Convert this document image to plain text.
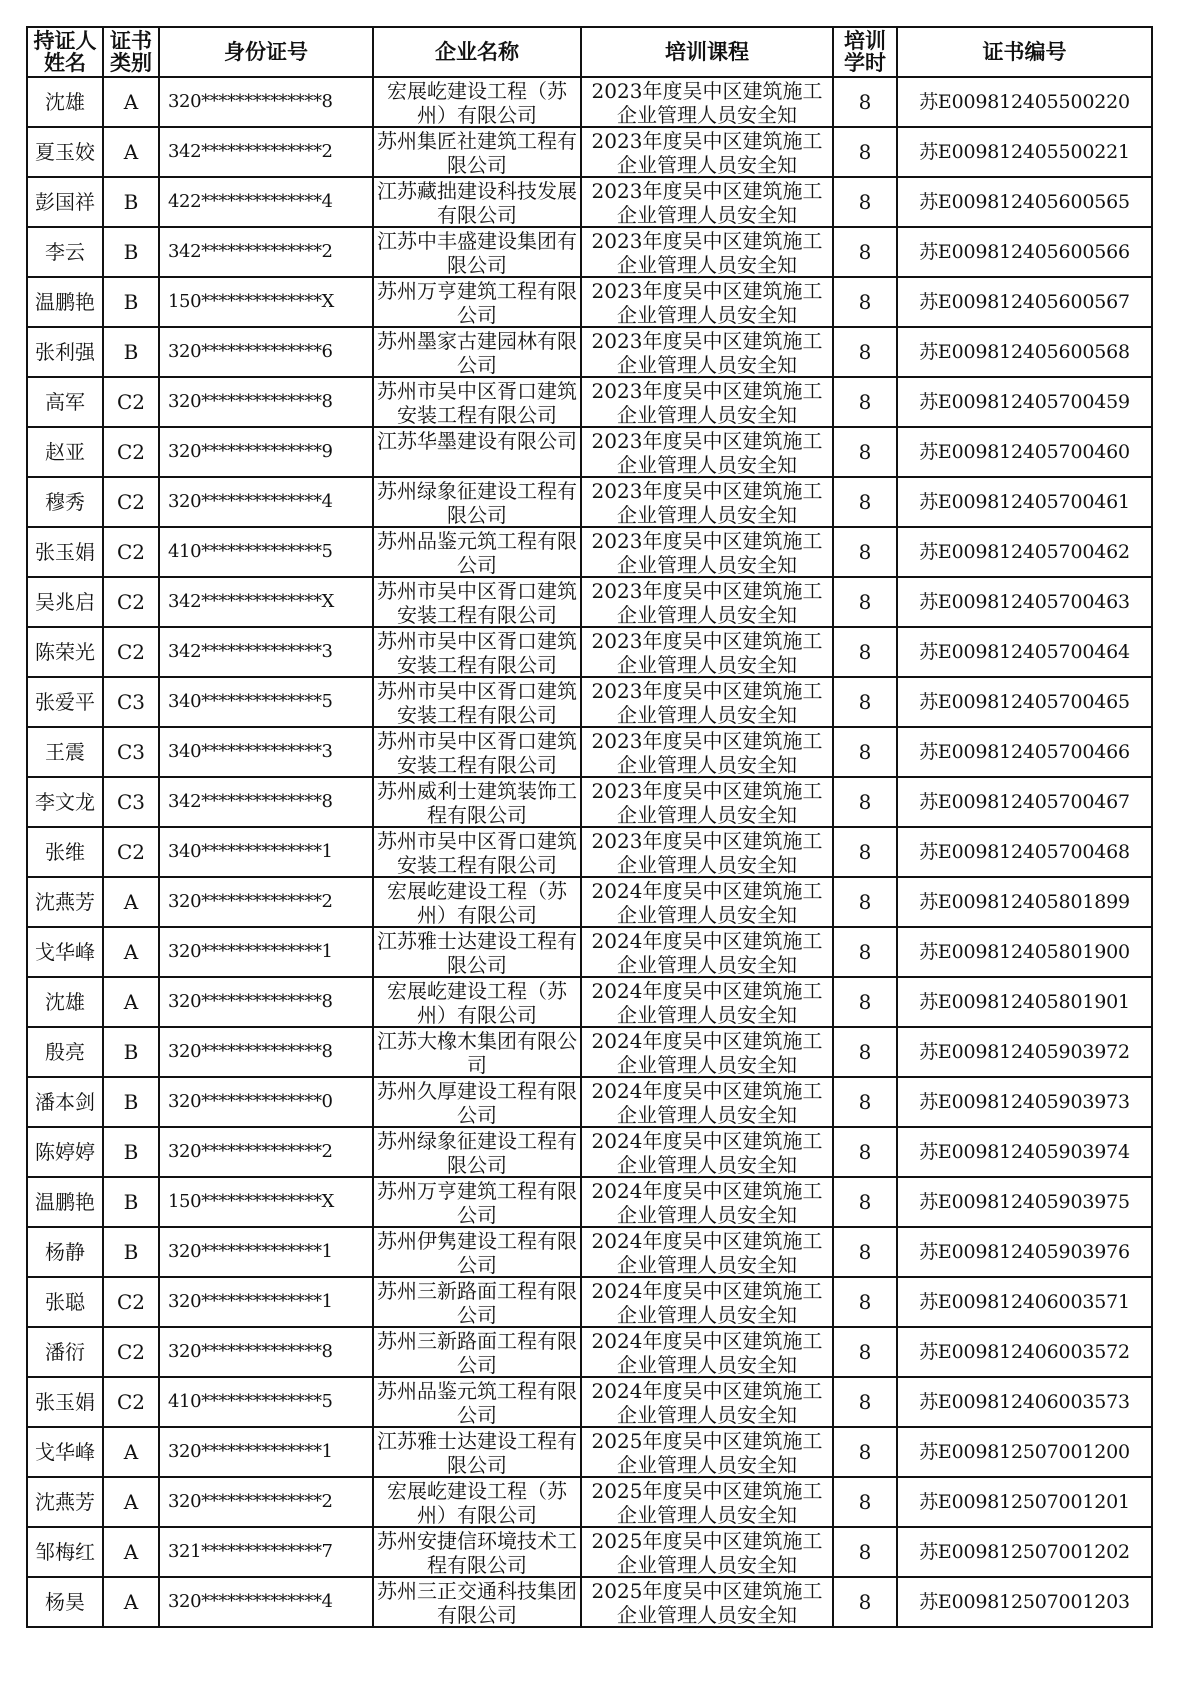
持证人姓名	证书类别	身份证号	企业名称	培训课程	培训学时	证书编号
沈雄	A	320**************8	宏展屹建设工程（苏州）有限公司	2023年度吴中区建筑施工企业管理人员安全知	8	苏E009812405500220
夏玉姣	A	342**************2	苏州集匠社建筑工程有限公司	2023年度吴中区建筑施工企业管理人员安全知	8	苏E009812405500221
彭国祥	B	422**************4	江苏藏拙建设科技发展有限公司	2023年度吴中区建筑施工企业管理人员安全知	8	苏E009812405600565
李云	B	342**************2	江苏中丰盛建设集团有限公司	2023年度吴中区建筑施工企业管理人员安全知	8	苏E009812405600566
温鹏艳	B	150**************X	苏州万亨建筑工程有限公司	2023年度吴中区建筑施工企业管理人员安全知	8	苏E009812405600567
张利强	B	320**************6	苏州墨家古建园林有限公司	2023年度吴中区建筑施工企业管理人员安全知	8	苏E009812405600568
高军	C2	320**************8	苏州市吴中区胥口建筑安装工程有限公司	2023年度吴中区建筑施工企业管理人员安全知	8	苏E009812405700459
赵亚	C2	320**************9	江苏华墨建设有限公司	2023年度吴中区建筑施工企业管理人员安全知	8	苏E009812405700460
穆秀	C2	320**************4	苏州绿象征建设工程有限公司	2023年度吴中区建筑施工企业管理人员安全知	8	苏E009812405700461
张玉娟	C2	410**************5	苏州品鉴元筑工程有限公司	2023年度吴中区建筑施工企业管理人员安全知	8	苏E009812405700462
吴兆启	C2	342**************X	苏州市吴中区胥口建筑安装工程有限公司	2023年度吴中区建筑施工企业管理人员安全知	8	苏E009812405700463
陈荣光	C2	342**************3	苏州市吴中区胥口建筑安装工程有限公司	2023年度吴中区建筑施工企业管理人员安全知	8	苏E009812405700464
张爱平	C3	340**************5	苏州市吴中区胥口建筑安装工程有限公司	2023年度吴中区建筑施工企业管理人员安全知	8	苏E009812405700465
王震	C3	340**************3	苏州市吴中区胥口建筑安装工程有限公司	2023年度吴中区建筑施工企业管理人员安全知	8	苏E009812405700466
李文龙	C3	342**************8	苏州威利士建筑装饰工程有限公司	2023年度吴中区建筑施工企业管理人员安全知	8	苏E009812405700467
张维	C2	340**************1	苏州市吴中区胥口建筑安装工程有限公司	2023年度吴中区建筑施工企业管理人员安全知	8	苏E009812405700468
沈燕芳	A	320**************2	宏展屹建设工程（苏州）有限公司	2024年度吴中区建筑施工企业管理人员安全知	8	苏E009812405801899
戈华峰	A	320**************1	江苏雅士达建设工程有限公司	2024年度吴中区建筑施工企业管理人员安全知	8	苏E009812405801900
沈雄	A	320**************8	宏展屹建设工程（苏州）有限公司	2024年度吴中区建筑施工企业管理人员安全知	8	苏E009812405801901
殷亮	B	320**************8	江苏大橡木集团有限公司	2024年度吴中区建筑施工企业管理人员安全知	8	苏E009812405903972
潘本剑	B	320**************0	苏州久厚建设工程有限公司	2024年度吴中区建筑施工企业管理人员安全知	8	苏E009812405903973
陈婷婷	B	320**************2	苏州绿象征建设工程有限公司	2024年度吴中区建筑施工企业管理人员安全知	8	苏E009812405903974
温鹏艳	B	150**************X	苏州万亨建筑工程有限公司	2024年度吴中区建筑施工企业管理人员安全知	8	苏E009812405903975
杨静	B	320**************1	苏州伊隽建设工程有限公司	2024年度吴中区建筑施工企业管理人员安全知	8	苏E009812405903976
张聪	C2	320**************1	苏州三新路面工程有限公司	2024年度吴中区建筑施工企业管理人员安全知	8	苏E009812406003571
潘衍	C2	320**************8	苏州三新路面工程有限公司	2024年度吴中区建筑施工企业管理人员安全知	8	苏E009812406003572
张玉娟	C2	410**************5	苏州品鉴元筑工程有限公司	2024年度吴中区建筑施工企业管理人员安全知	8	苏E009812406003573
戈华峰	A	320**************1	江苏雅士达建设工程有限公司	2025年度吴中区建筑施工企业管理人员安全知	8	苏E009812507001200
沈燕芳	A	320**************2	宏展屹建设工程（苏州）有限公司	2025年度吴中区建筑施工企业管理人员安全知	8	苏E009812507001201
邹梅红	A	321**************7	苏州安捷信环境技术工程有限公司	2025年度吴中区建筑施工企业管理人员安全知	8	苏E009812507001202
杨昊	A	320**************4	苏州三正交通科技集团有限公司	2025年度吴中区建筑施工企业管理人员安全知	8	苏E009812507001203
